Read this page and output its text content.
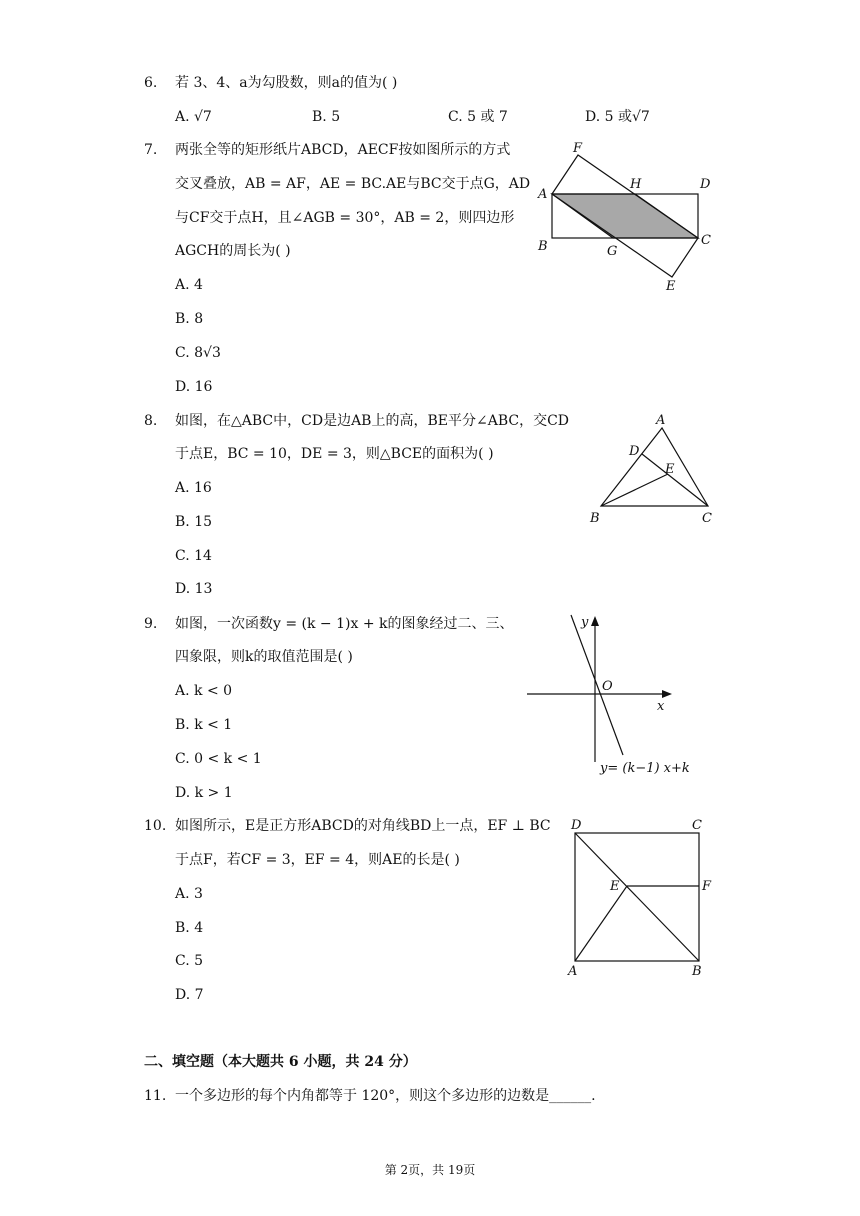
6. 若 3、4、a为勾股数，则a的值为( )
A. √7	B. 5	C. 5 或 7	D. 5 或√7
7. 两张全等的矩形纸片ABCD，AECF按如图所示的方式
交叉叠放，AB = AF，AE = BC.AE与BC交于点G，AD
与CF交于点H，且∠AGB = 30°，AB = 2，则四边形
AGCH的周长为( )
A. 4
B. 8
C. 8√3
D. 16
F
A
H	D
B	G
C
E
8. 如图，在△ABC中，CD是边AB上的高，BE平分∠ABC，交CD
于点E，BC = 10，DE = 3，则△BCE的面积为( )
A. 16
B. 15
C. 14
D. 13
A
D
E
B	C
9. 如图，一次函数y = (k − 1)x + k的图象经过二、三、
四象限，则k的取值范围是( )
A. k < 0
B. k < 1
C. 0 < k < 1
D. k > 1
y
O
x
y= (k−1) x+k
10. 如图所示，E是正方形ABCD的对角线BD上一点，EF ⊥ BC
于点F，若CF = 3，EF = 4，则AE的长是( )
A. 3
B. 4
C. 5
D. 7
D	C
E	F
A	B
二、填空题（本大题共 6 小题，共 24 分）
11. 一个多边形的每个内角都等于 120°，则这个多边形的边数是______.
第 2页，共 19页
